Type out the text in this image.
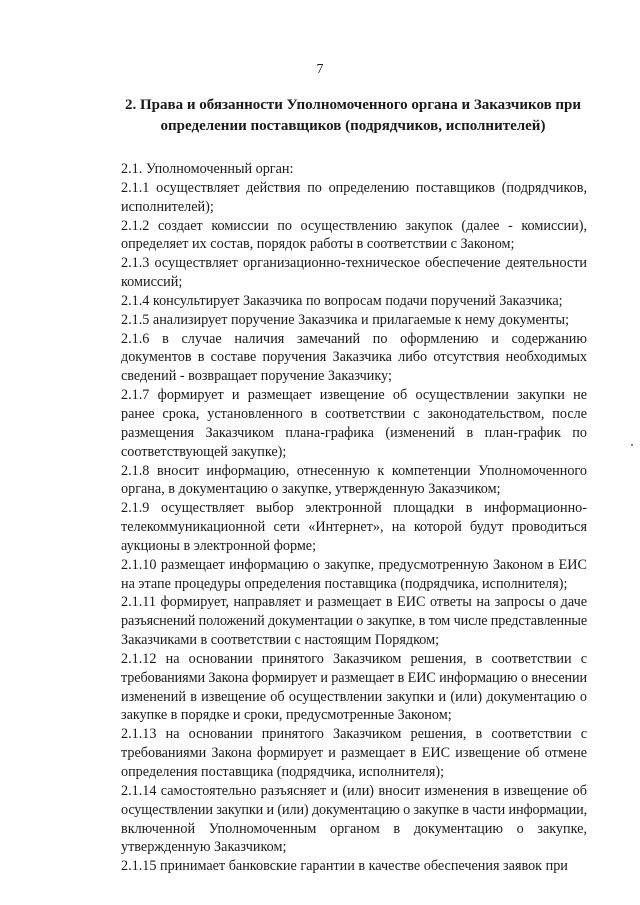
7
2. Права и обязанности Уполномоченного органа и Заказчиков при
определении поставщиков (подрядчиков, исполнителей)
2.1. Уполномоченный орган:
2.1.1 осуществляет действия по определению поставщиков (подрядчиков,
исполнителей);
2.1.2 создает комиссии по осуществлению закупок (далее - комиссии),
определяет их состав, порядок работы в соответствии с Законом;
2.1.3 осуществляет организационно-техническое обеспечение деятельности
комиссий;
2.1.4 консультирует Заказчика по вопросам подачи поручений Заказчика;
2.1.5 анализирует поручение Заказчика и прилагаемые к нему документы;
2.1.6 в случае наличия замечаний по оформлению и содержанию
документов в составе поручения Заказчика либо отсутствия необходимых
сведений - возвращает поручение Заказчику;
2.1.7 формирует и размещает извещение об осуществлении закупки не
ранее срока, установленного в соответствии с законодательством, после
размещения Заказчиком плана-графика (изменений в план-график по
соответствующей закупке);
2.1.8 вносит информацию, отнесенную к компетенции Уполномоченного
органа, в документацию о закупке, утвержденную Заказчиком;
2.1.9 осуществляет выбор электронной площадки в информационно-
телекоммуникационной сети «Интернет», на которой будут проводиться
аукционы в электронной форме;
2.1.10 размещает информацию о закупке, предусмотренную Законом в ЕИС
на этапе процедуры определения поставщика (подрядчика, исполнителя);
2.1.11 формирует, направляет и размещает в ЕИС ответы на запросы о даче
разъяснений положений документации о закупке, в том числе представленные
Заказчиками в соответствии с настоящим Порядком;
2.1.12 на основании принятого Заказчиком решения, в соответствии с
требованиями Закона формирует и размещает в ЕИС информацию о внесении
изменений в извещение об осуществлении закупки и (или) документацию о
закупке в порядке и сроки, предусмотренные Законом;
2.1.13 на основании принятого Заказчиком решения, в соответствии с
требованиями Закона формирует и размещает в ЕИС извещение об отмене
определения поставщика (подрядчика, исполнителя);
2.1.14 самостоятельно разъясняет и (или) вносит изменения в извещение об
осуществлении закупки и (или) документацию о закупке в части информации,
включенной Уполномоченным органом в документацию о закупке,
утвержденную Заказчиком;
2.1.15 принимает банковские гарантии в качестве обеспечения заявок при
